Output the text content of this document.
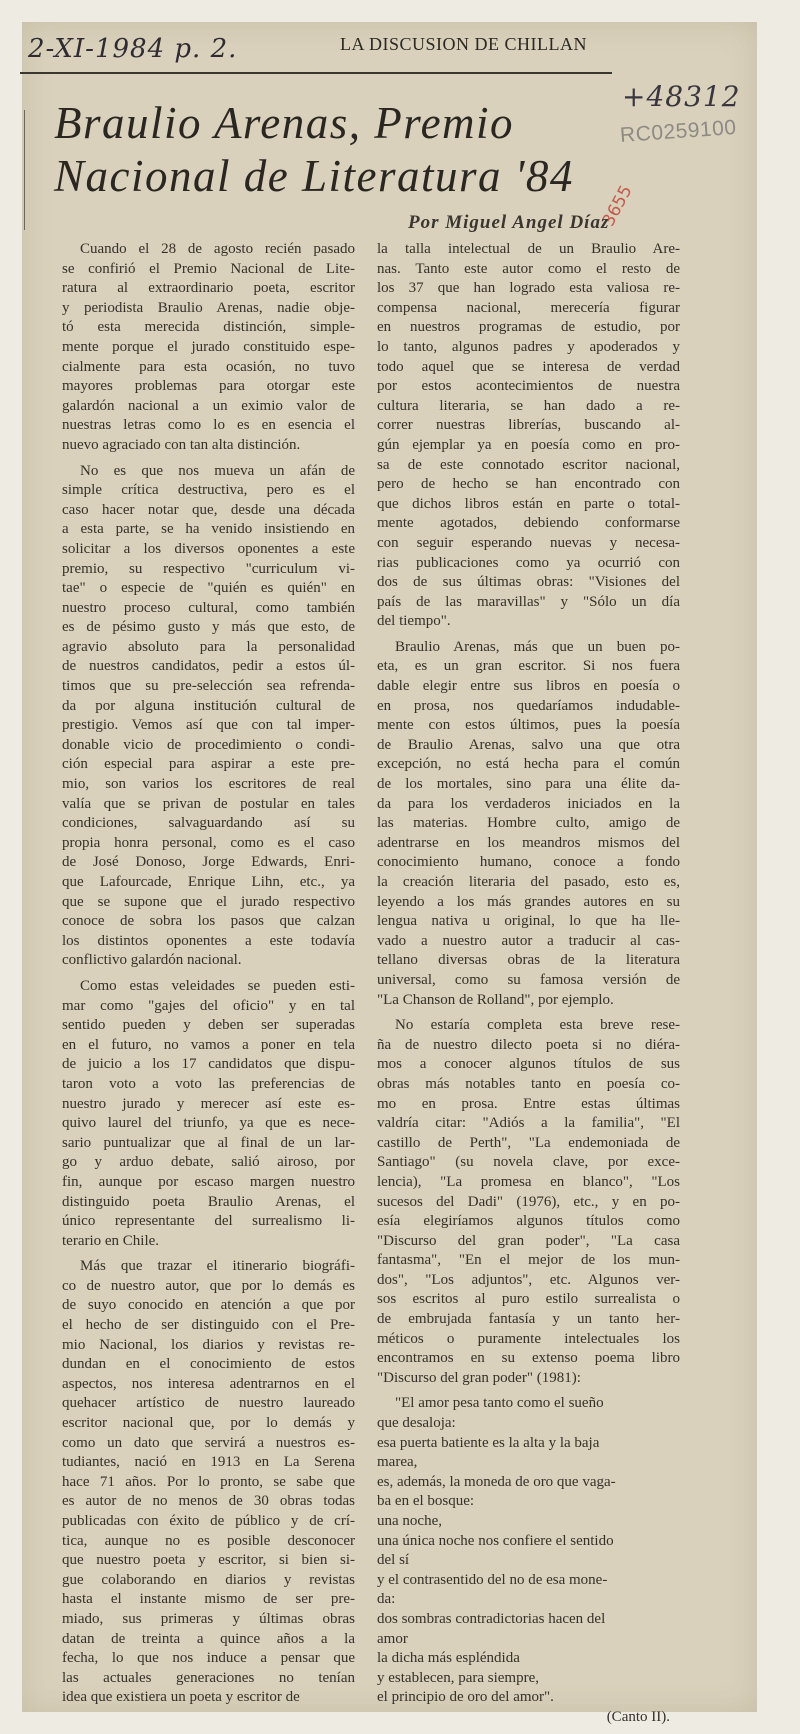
2-XI-1984 p. 2.	LA DISCUSION DE CHILLAN
+48312
RC0259100
3655
Braulio Arenas, Premio
Nacional de Literatura '84
Por Miguel Angel Díaz
Cuando el 28 de agosto recién pasado
se confirió el Premio Nacional de Lite-
ratura al extraordinario poeta, escritor
y periodista Braulio Arenas, nadie obje-
tó esta merecida distinción, simple-
mente porque el jurado constituido espe-
cialmente para esta ocasión, no tuvo
mayores problemas para otorgar este
galardón nacional a un eximio valor de
nuestras letras como lo es en esencia el
nuevo agraciado con tan alta distinción.
No es que nos mueva un afán de
simple crítica destructiva, pero es el
caso hacer notar que, desde una década
a esta parte, se ha venido insistiendo en
solicitar a los diversos oponentes a este
premio, su respectivo "curriculum vi-
tae" o especie de "quién es quién" en
nuestro proceso cultural, como también
es de pésimo gusto y más que esto, de
agravio absoluto para la personalidad
de nuestros candidatos, pedir a estos úl-
timos que su pre-selección sea refrenda-
da por alguna institución cultural de
prestigio. Vemos así que con tal imper-
donable vicio de procedimiento o condi-
ción especial para aspirar a este pre-
mio, son varios los escritores de real
valía que se privan de postular en tales
condiciones, salvaguardando así su
propia honra personal, como es el caso
de José Donoso, Jorge Edwards, Enri-
que Lafourcade, Enrique Lihn, etc., ya
que se supone que el jurado respectivo
conoce de sobra los pasos que calzan
los distintos oponentes a este todavía
conflictivo galardón nacional.
Como estas veleidades se pueden esti-
mar como "gajes del oficio" y en tal
sentido pueden y deben ser superadas
en el futuro, no vamos a poner en tela
de juicio a los 17 candidatos que dispu-
taron voto a voto las preferencias de
nuestro jurado y merecer así este es-
quivo laurel del triunfo, ya que es nece-
sario puntualizar que al final de un lar-
go y arduo debate, salió airoso, por
fin, aunque por escaso margen nuestro
distinguido poeta Braulio Arenas, el
único representante del surrealismo li-
terario en Chile.
Más que trazar el itinerario biográfi-
co de nuestro autor, que por lo demás es
de suyo conocido en atención a que por
el hecho de ser distinguido con el Pre-
mio Nacional, los diarios y revistas re-
dundan en el conocimiento de estos
aspectos, nos interesa adentrarnos en el
quehacer artístico de nuestro laureado
escritor nacional que, por lo demás y
como un dato que servirá a nuestros es-
tudiantes, nació en 1913 en La Serena
hace 71 años. Por lo pronto, se sabe que
es autor de no menos de 30 obras todas
publicadas con éxito de público y de crí-
tica, aunque no es posible desconocer
que nuestro poeta y escritor, si bien si-
gue colaborando en diarios y revistas
hasta el instante mismo de ser pre-
miado, sus primeras y últimas obras
datan de treinta a quince años a la
fecha, lo que nos induce a pensar que
las actuales generaciones no tenían
idea que existiera un poeta y escritor de
la talla intelectual de un Braulio Are-
nas. Tanto este autor como el resto de
los 37 que han logrado esta valiosa re-
compensa nacional, merecería figurar
en nuestros programas de estudio, por
lo tanto, algunos padres y apoderados y
todo aquel que se interesa de verdad
por estos acontecimientos de nuestra
cultura literaria, se han dado a re-
correr nuestras librerías, buscando al-
gún ejemplar ya en poesía como en pro-
sa de este connotado escritor nacional,
pero de hecho se han encontrado con
que dichos libros están en parte o total-
mente agotados, debiendo conformarse
con seguir esperando nuevas y necesa-
rias publicaciones como ya ocurrió con
dos de sus últimas obras: "Visiones del
país de las maravillas" y "Sólo un día
del tiempo".
Braulio Arenas, más que un buen po-
eta, es un gran escritor. Si nos fuera
dable elegir entre sus libros en poesía o
en prosa, nos quedaríamos indudable-
mente con estos últimos, pues la poesía
de Braulio Arenas, salvo una que otra
excepción, no está hecha para el común
de los mortales, sino para una élite da-
da para los verdaderos iniciados en la
las materias. Hombre culto, amigo de
adentrarse en los meandros mismos del
conocimiento humano, conoce a fondo
la creación literaria del pasado, esto es,
leyendo a los más grandes autores en su
lengua nativa u original, lo que ha lle-
vado a nuestro autor a traducir al cas-
tellano diversas obras de la literatura
universal, como su famosa versión de
"La Chanson de Rolland", por ejemplo.
No estaría completa esta breve rese-
ña de nuestro dilecto poeta si no diéra-
mos a conocer algunos títulos de sus
obras más notables tanto en poesía co-
mo en prosa. Entre estas últimas
valdría citar: "Adiós a la familia", "El
castillo de Perth", "La endemoniada de
Santiago" (su novela clave, por exce-
lencia), "La promesa en blanco", "Los
sucesos del Dadi" (1976), etc., y en po-
esía elegiríamos algunos títulos como
"Discurso del gran poder", "La casa
fantasma", "En el mejor de los mun-
dos", "Los adjuntos", etc. Algunos ver-
sos escritos al puro estilo surrealista o
de embrujada fantasía y un tanto her-
méticos o puramente intelectuales los
encontramos en su extenso poema libro
"Discurso del gran poder" (1981):
"El amor pesa tanto como el sueño
que desaloja:
esa puerta batiente es la alta y la baja
marea,
es, además, la moneda de oro que vaga-
ba en el bosque:
una noche,
una única noche nos confiere el sentido
del sí
y el contrasentido del no de esa mone-
da:
dos sombras contradictorias hacen del
amor
la dicha más espléndida
y establecen, para siempre,
el principio de oro del amor".
(Canto II).
